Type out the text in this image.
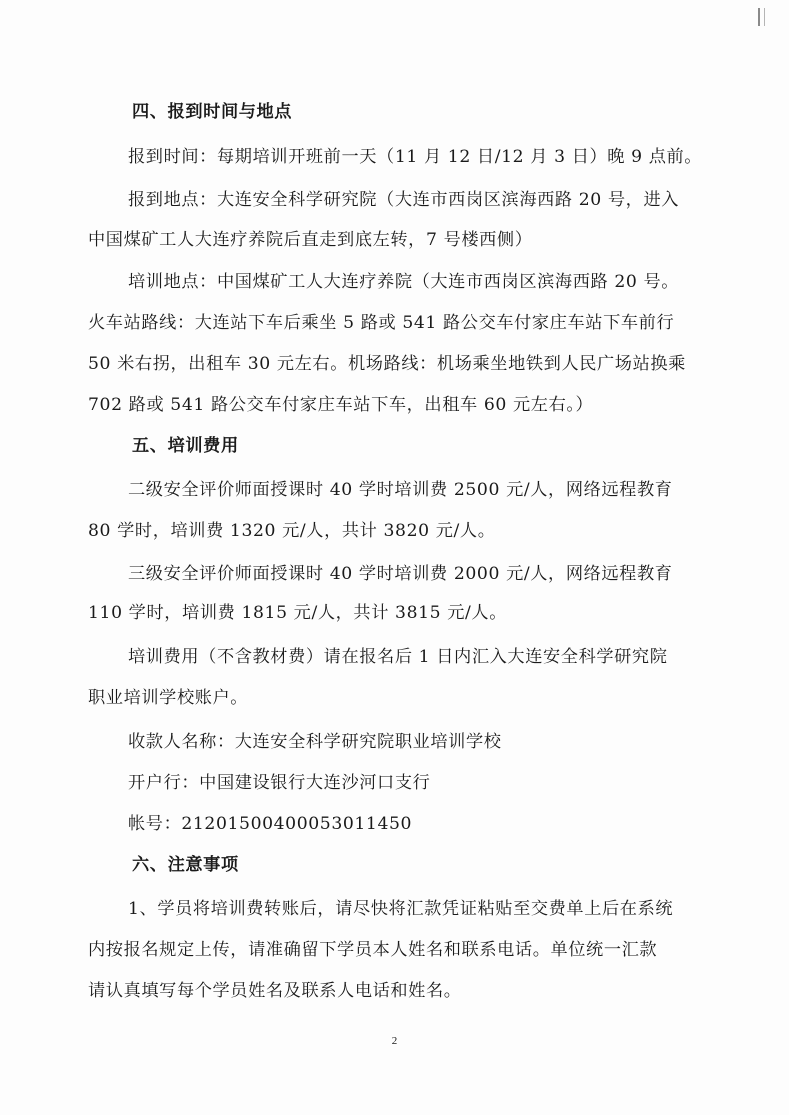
四、报到时间与地点
报到时间：每期培训开班前一天（11 月 12 日/12 月 3 日）晚 9 点前。
报到地点：大连安全科学研究院（大连市西岗区滨海西路 20 号，进入
中国煤矿工人大连疗养院后直走到底左转，7 号楼西侧）
培训地点：中国煤矿工人大连疗养院（大连市西岗区滨海西路 20 号。
火车站路线：大连站下车后乘坐 5 路或 541 路公交车付家庄车站下车前行
50 米右拐，出租车 30 元左右。机场路线：机场乘坐地铁到人民广场站换乘
702 路或 541 路公交车付家庄车站下车，出租车 60 元左右。）
五、培训费用
二级安全评价师面授课时 40 学时培训费 2500 元/人，网络远程教育
80 学时，培训费 1320 元/人，共计 3820 元/人。
三级安全评价师面授课时 40 学时培训费 2000 元/人，网络远程教育
110 学时，培训费 1815 元/人，共计 3815 元/人。
培训费用（不含教材费）请在报名后 1 日内汇入大连安全科学研究院
职业培训学校账户。
收款人名称：大连安全科学研究院职业培训学校
开户行：中国建设银行大连沙河口支行
帐号：21201500400053011450
六、注意事项
1、学员将培训费转账后，请尽快将汇款凭证粘贴至交费单上后在系统
内按报名规定上传，请准确留下学员本人姓名和联系电话。单位统一汇款
请认真填写每个学员姓名及联系人电话和姓名。
2
